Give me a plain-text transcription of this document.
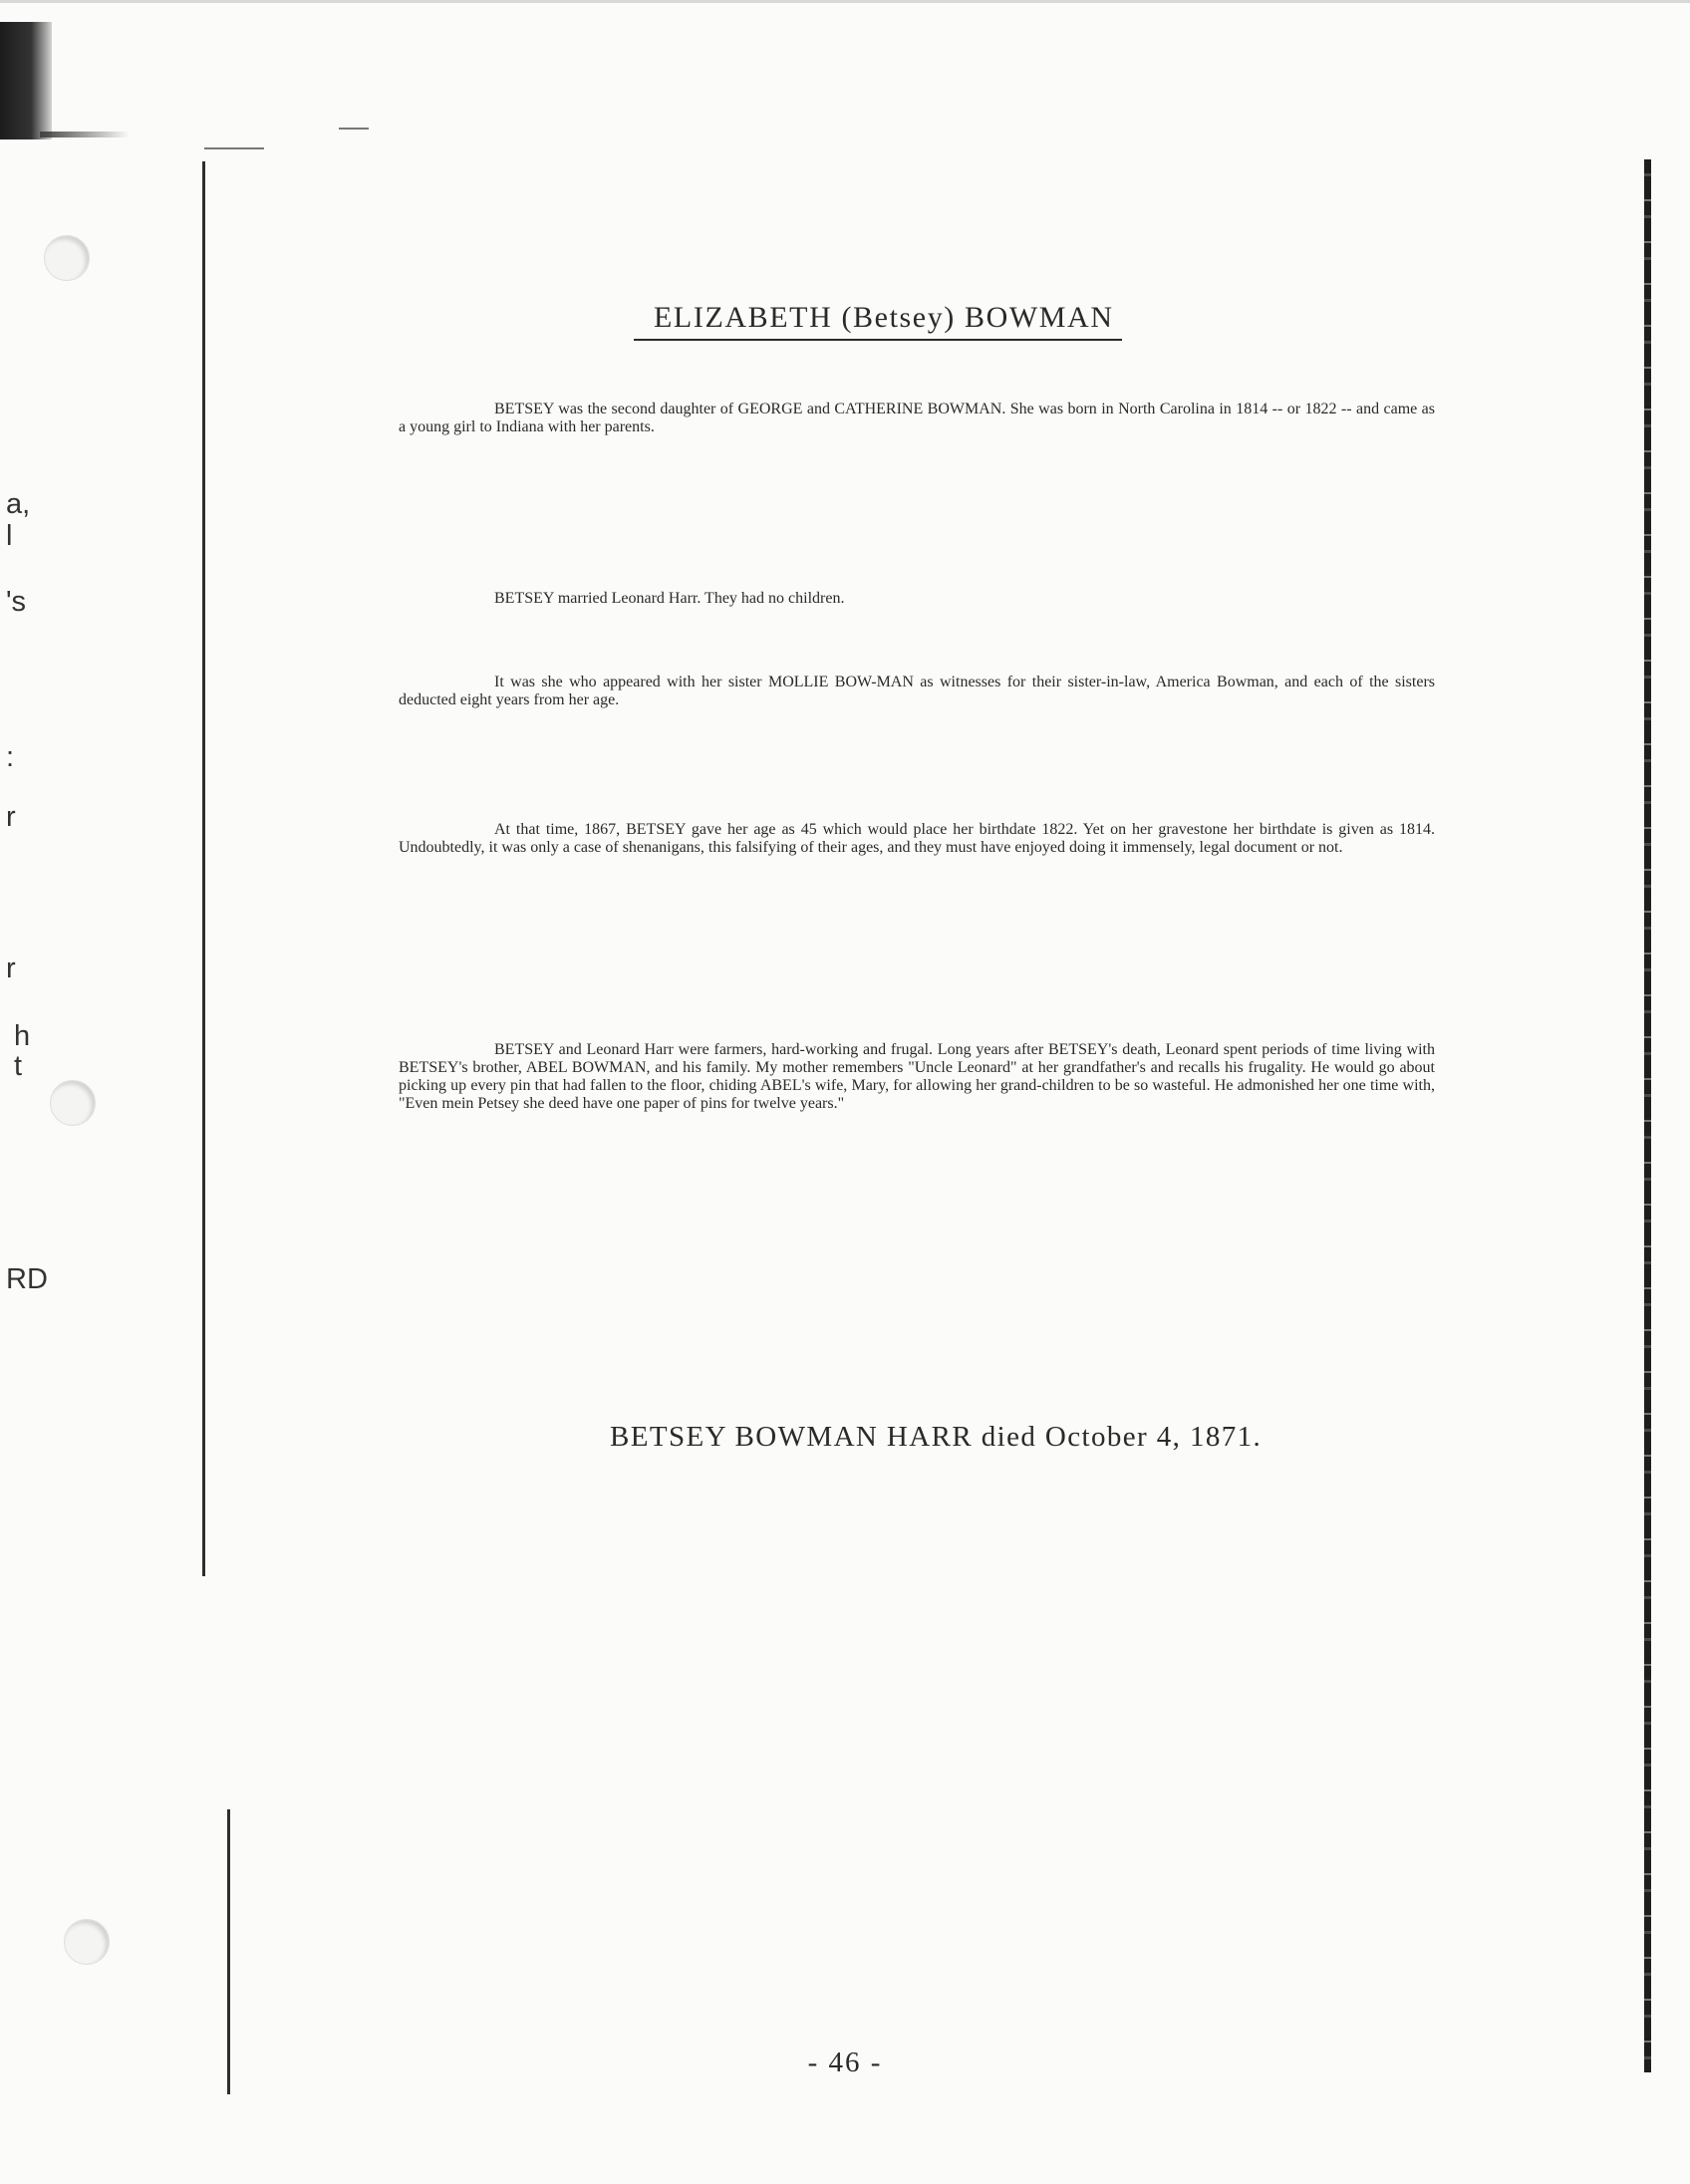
a,
l
's
:
r
r
h
t
RD
ELIZABETH (Betsey) BOWMAN
BETSEY was the second daughter of GEORGE and CATHERINE BOWMAN. She was born in North Carolina in 1814 -- or 1822 -- and came as a young girl to Indiana with her parents.
BETSEY married Leonard Harr. They had no children.
It was she who appeared with her sister MOLLIE BOW-MAN as witnesses for their sister-in-law, America Bowman, and each of the sisters deducted eight years from her age.
At that time, 1867, BETSEY gave her age as 45 which would place her birthdate 1822. Yet on her gravestone her birthdate is given as 1814. Undoubtedly, it was only a case of shenanigans, this falsifying of their ages, and they must have enjoyed doing it immensely, legal document or not.
BETSEY and Leonard Harr were farmers, hard-working and frugal. Long years after BETSEY's death, Leonard spent periods of time living with BETSEY's brother, ABEL BOWMAN, and his family. My mother remembers "Uncle Leonard" at her grandfather's and recalls his frugality. He would go about picking up every pin that had fallen to the floor, chiding ABEL's wife, Mary, for allowing her grand-children to be so wasteful. He admonished her one time with, "Even mein Petsey she deed have one paper of pins for twelve years."
BETSEY BOWMAN HARR died October 4, 1871.
- 46 -
